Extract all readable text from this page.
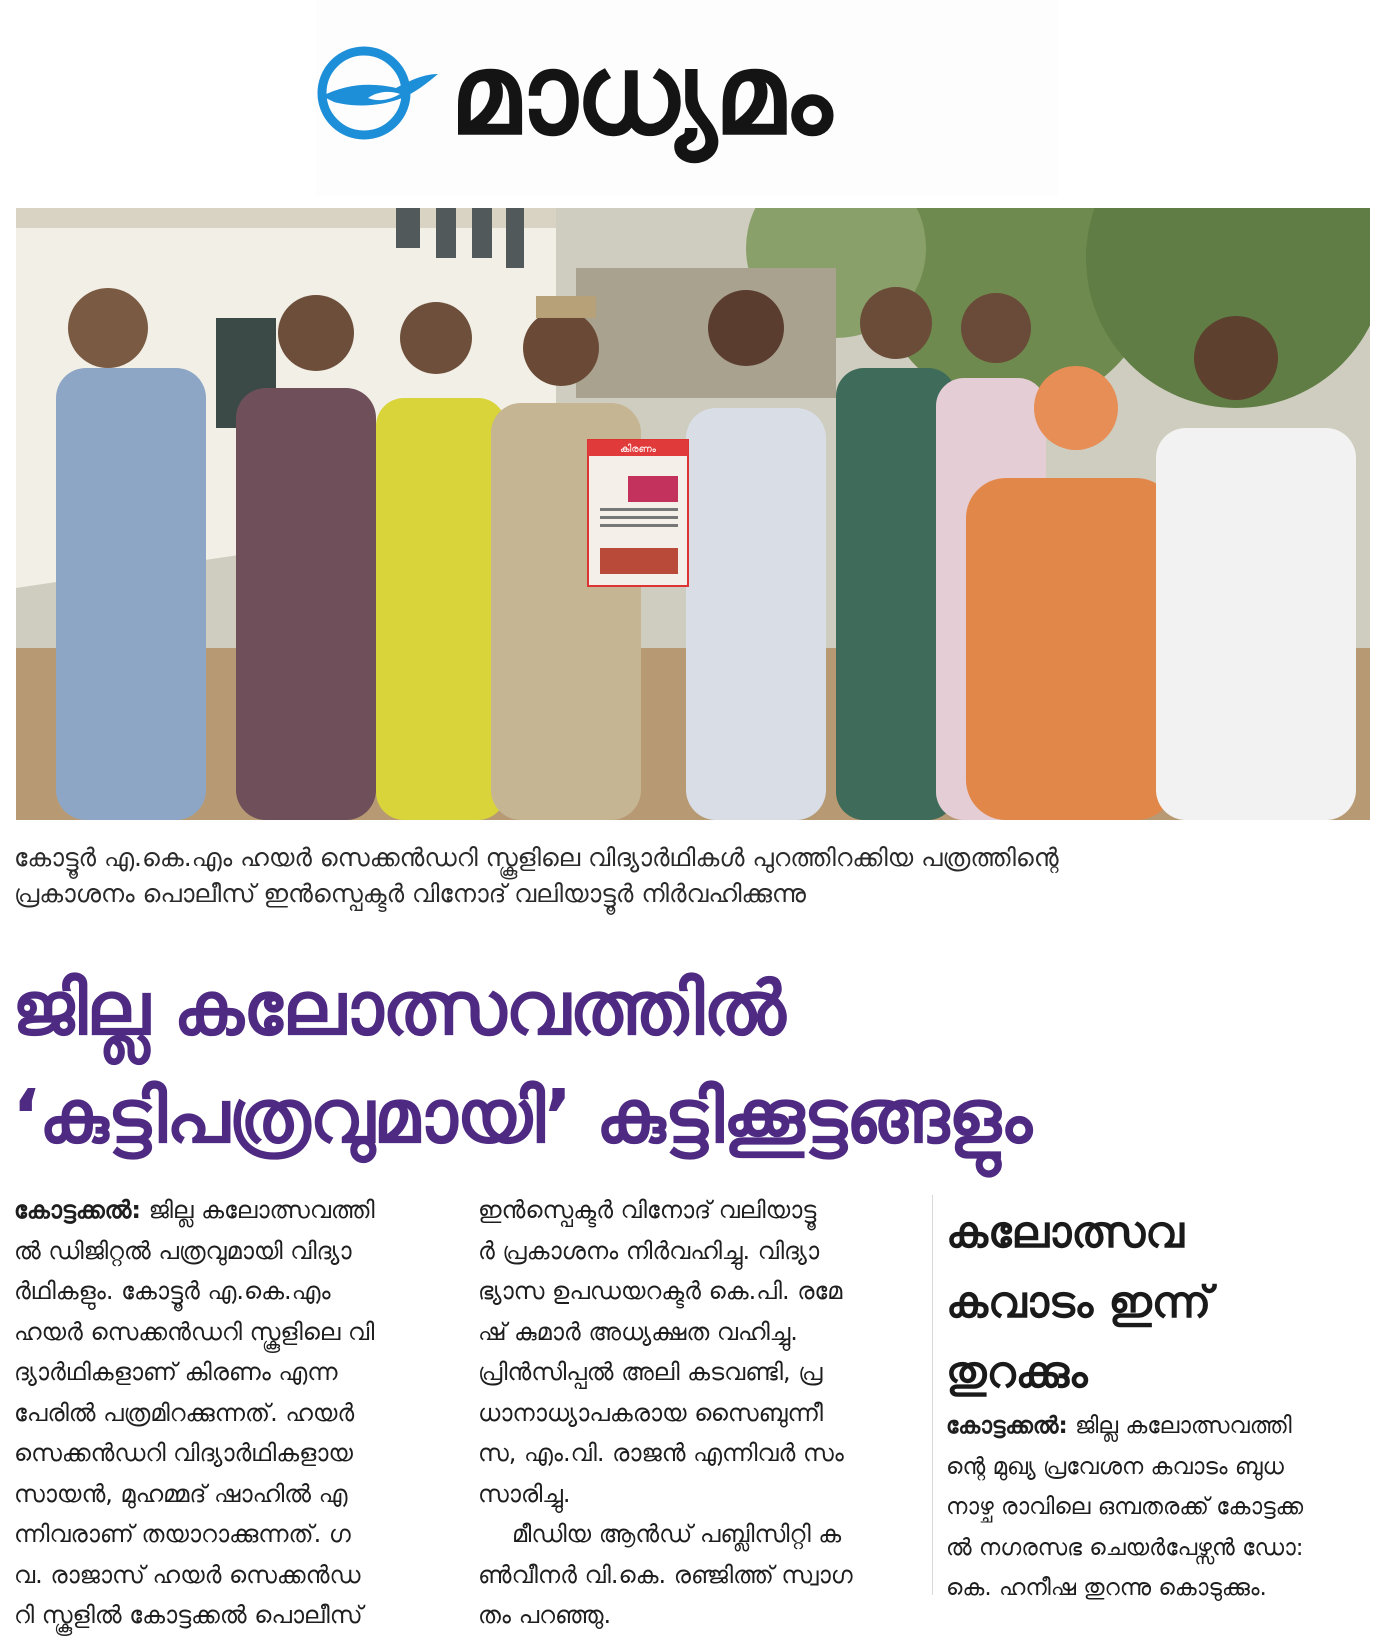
മാധ്യമം
കിരണം
കോട്ടൂർ എ.കെ.എം ഹയർ സെക്കൻഡറി സ്കൂളിലെ വിദ്യാർഥികൾ പുറത്തിറക്കിയ പത്രത്തിന്റെ
പ്രകാശനം പൊലീസ് ഇൻസ്പെക്ടർ വിനോദ് വലിയാട്ടൂർ നിർവഹിക്കുന്നു
ജില്ല കലോത്സവത്തിൽ
‘കുട്ടിപത്രവുമായി’ കുട്ടിക്കൂട്ടങ്ങളും
കോട്ടക്കൽ: ജില്ല കലോത്സവത്തി
ൽ ഡിജിറ്റൽ പത്രവുമായി വിദ്യാ
ർഥികളും. കോട്ടൂർ എ.കെ.എം
ഹയർ സെക്കൻഡറി സ്കൂളിലെ വി
ദ്യാർഥികളാണ് കിരണം എന്ന
പേരിൽ പത്രമിറക്കുന്നത്. ഹയർ
സെക്കൻഡറി വിദ്യാർഥികളായ
സായൻ, മുഹമ്മദ് ഷാഹിൽ എ
ന്നിവരാണ് തയാറാക്കുന്നത്. ഗ
വ. രാജാസ് ഹയർ സെക്കൻഡ
റി സ്കൂളിൽ കോട്ടക്കൽ പൊലീസ്
ഇൻസ്പെക്ടർ വിനോദ് വലിയാട്ടൂ
ർ പ്രകാശനം നിർവഹിച്ചു. വിദ്യാ
ഭ്യാസ ഉപഡയറക്ടർ കെ.പി. രമേ
ഷ് കുമാർ അധ്യക്ഷത വഹിച്ചു.
പ്രിൻസിപ്പൽ അലി കടവണ്ടി, പ്ര
ധാനാധ്യാപകരായ സൈബുന്നീ
സ, എം.വി. രാജൻ എന്നിവർ സം
സാരിച്ചു.
മീഡിയ ആൻഡ് പബ്ലിസിറ്റി ക
ൺവീനർ വി.കെ. രഞ്ജിത്ത് സ്വാഗ
തം പറഞ്ഞു.
കലോത്സവ
കവാടം ഇന്ന്
തുറക്കും
കോട്ടക്കൽ: ജില്ല കലോത്സവത്തി
ന്റെ മുഖ്യ പ്രവേശന കവാടം ബുധ
നാഴ്ച രാവിലെ ഒമ്പതരക്ക് കോട്ടക്ക
ൽ നഗരസഭ ചെയർപേഴ്സൻ ഡോ:
കെ. ഹനീഷ തുറന്നു കൊടുക്കും.
